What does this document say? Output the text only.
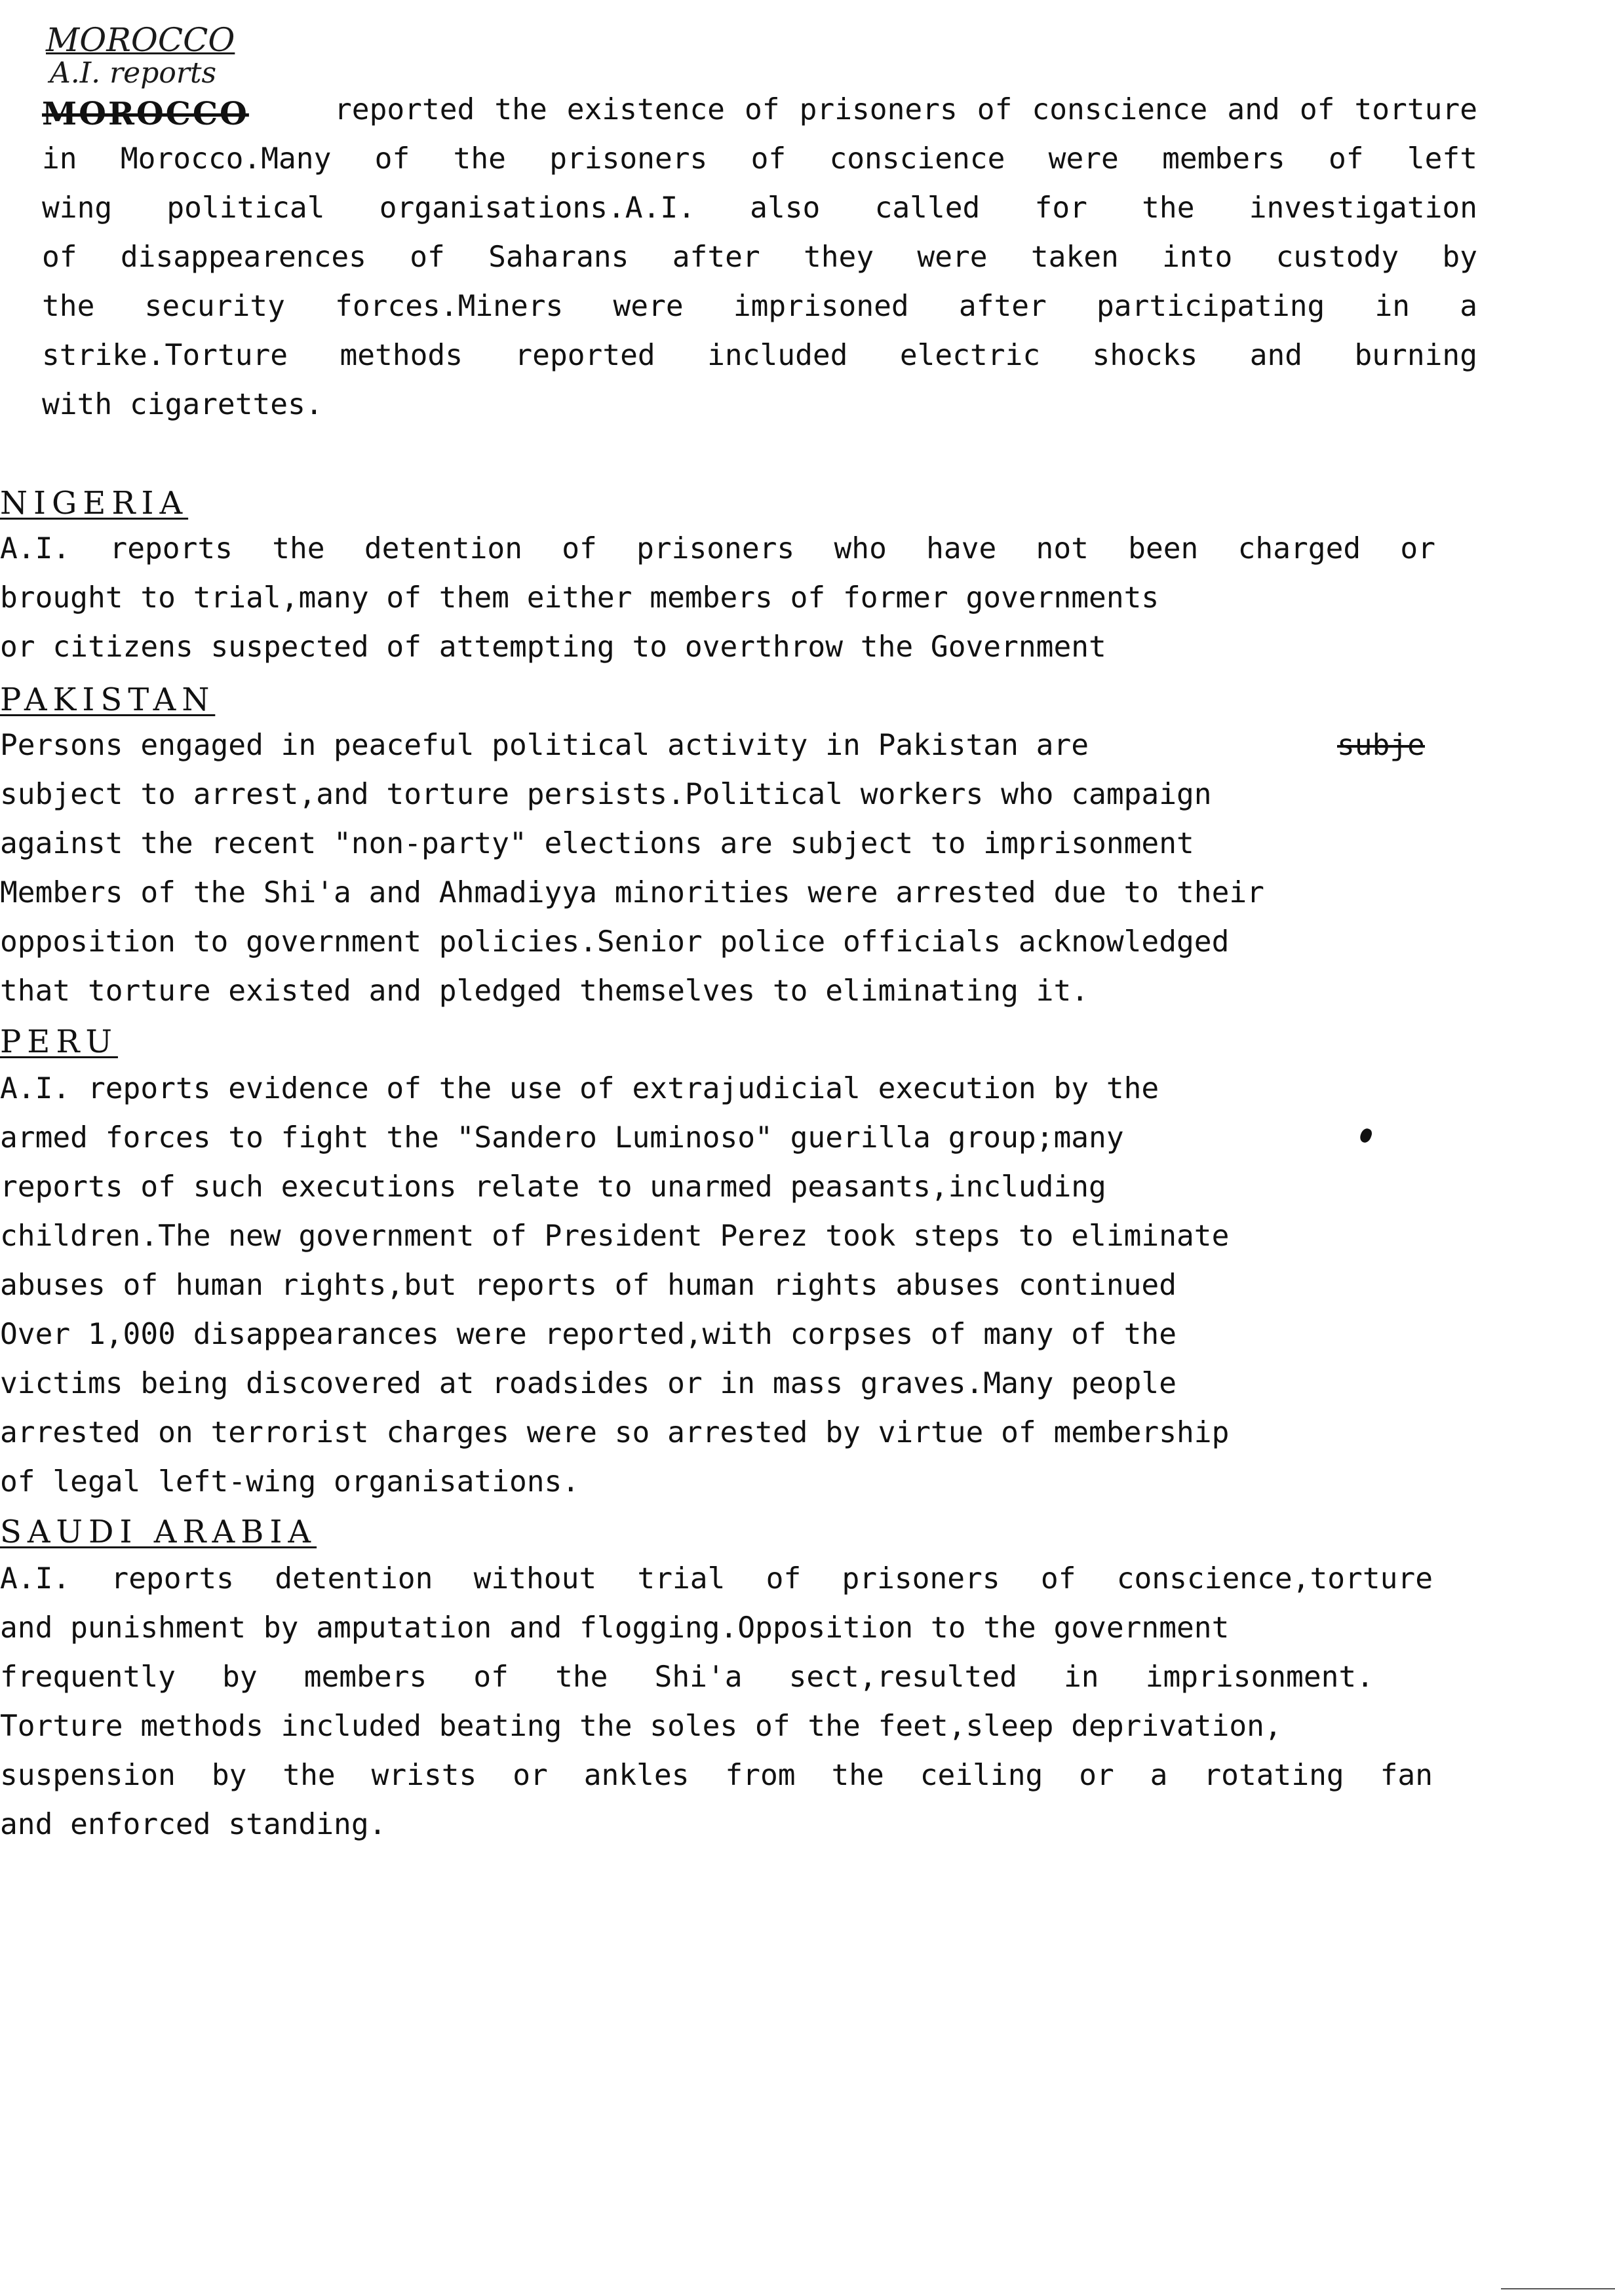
MOROCCO
A.I. reports
MOROCCO	reported the existence of prisoners of conscience and of torture
in Morocco.Many of the prisoners of conscience were members of left
wing political organisations.A.I. also called for the investigation
of disappearences of Saharans after they were taken into custody by
the security forces.Miners were imprisoned after participating in a
strike.Torture methods reported included electric shocks and burning
with cigarettes.
NIGERIA
A.I. reports the detention of prisoners who have not been charged or
brought to trial,many of them either members of former governments
or citizens suspected of attempting to overthrow the Government
PAKISTAN
Persons engaged in peaceful political activity in Pakistan are	subje
subject to arrest,and torture persists.Political workers who campaign
against the recent "non-party" elections are subject to imprisonment
Members of the Shi'a and Ahmadiyya minorities were arrested due to their
opposition to government policies.Senior police officials acknowledged
that torture existed and pledged themselves to eliminating it.
PERU
A.I. reports evidence of the use of extrajudicial execution by the
armed forces to fight the "Sandero Luminoso" guerilla group;many
reports of such executions relate to unarmed peasants,including
children.The new government of President Perez took steps to eliminate
abuses of human rights,but reports of human rights abuses continued
Over 1,000 disappearances were reported,with corpses of many of the
victims being discovered at roadsides or in mass graves.Many people
arrested on terrorist charges were so arrested by virtue of membership
of legal left-wing organisations.
SAUDI ARABIA
A.I. reports detention without trial of prisoners of conscience,torture
and punishment by amputation and flogging.Opposition to the government
frequently by members of the Shi'a sect,resulted in imprisonment.
Torture methods included beating the soles of the feet,sleep deprivation,
suspension by the wrists or ankles from the ceiling or a rotating fan
and enforced standing.
